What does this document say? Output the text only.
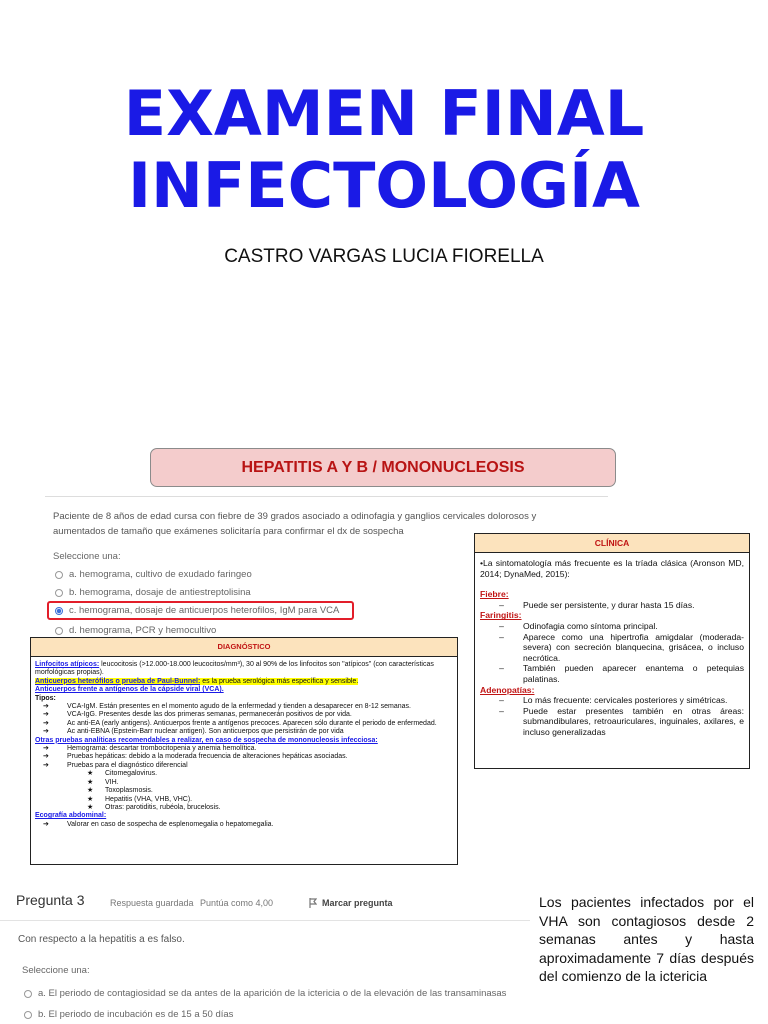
EXAMEN FINAL
INFECTOLOGÍA
CASTRO VARGAS LUCIA FIORELLA
HEPATITIS A Y B / MONONUCLEOSIS
Paciente de 8 años de edad cursa con fiebre de 39 grados asociado a odinofagia y ganglios cervicales dolorosos y aumentados de tamaño que exámenes solicitaría para confirmar el dx de sospecha
Seleccione una:
a. hemograma, cultivo de exudado faringeo
b. hemograma, dosaje de antiestreptolisina
c. hemograma, dosaje de anticuerpos heterofilos, IgM para VCA
d. hemograma, PCR y hemocultivo
DIAGNÓSTICO
Linfocitos atípicos: leucocitosis (>12.000-18.000 leucocitos/mm³), 30 al 90% de los linfocitos son "atípicos" (con características morfológicas propias).
Anticuerpos heterófilos o prueba de Paul-Bunnel: es la prueba serológica más específica y sensible.
Anticuerpos frente a antígenos de la cápside viral (VCA).
Tipos:
➔	VCA-IgM. Están presentes en el momento agudo de la enfermedad y tienden a desaparecer en 8-12 semanas.
➔	VCA-IgG. Presentes desde las dos primeras semanas, permanecerán positivos de por vida.
➔	Ac anti-EA (early antigens). Anticuerpos frente a antígenos precoces. Aparecen sólo durante el periodo de enfermedad.
➔	Ac anti-EBNA (Epstein-Barr nuclear antigen). Son anticuerpos que persistirán de por vida
Otras pruebas analíticas recomendables a realizar, en caso de sospecha de mononucleosis infecciosa:
➔	Hemograma: descartar trombocitopenia y anemia hemolítica.
➔	Pruebas hepáticas: debido a la moderada frecuencia de alteraciones hepáticas asociadas.
➔	Pruebas para el diagnóstico diferencial
★	Citomegalovirus.
★	VIH.
★	Toxoplasmosis.
★	Hepatitis (VHA, VHB, VHC).
★	Otras: parotiditis, rubéola, brucelosis.
Ecografía abdominal:
➔	Valorar en caso de sospecha de esplenomegalia o hepatomegalia.
CLÍNICA
•La sintomatología más frecuente es la tríada clásica (Aronson MD, 2014; DynaMed, 2015):
Fiebre:
–	Puede ser persistente, y durar hasta 15 días.
Faringitis:
–	Odinofagia como síntoma principal.
–	Aparece como una hipertrofia amigdalar (moderada-severa) con secreción blanquecina, grisácea, o incluso necrótica.
–	También pueden aparecer enantema o petequias palatinas.
Adenopatías:
–	Lo más frecuente: cervicales posteriores y simétricas.
–	Puede estar presentes también en otras áreas: submandibulares, retroauriculares, inguinales, axilares, e incluso generalizadas
Pregunta 3	Respuesta guardada Puntúa como 4,00	Marcar pregunta
Con respecto a la hepatitis a es falso.
Seleccione una:
a. El periodo de contagiosidad se da antes de la aparición de la ictericia o de la elevación de las transaminasas
b. El periodo de incubación es de 15 a 50 días
Los pacientes infectados por el VHA son contagiosos desde 2 semanas antes y hasta aproximadamente 7 días después del comienzo de la ictericia
